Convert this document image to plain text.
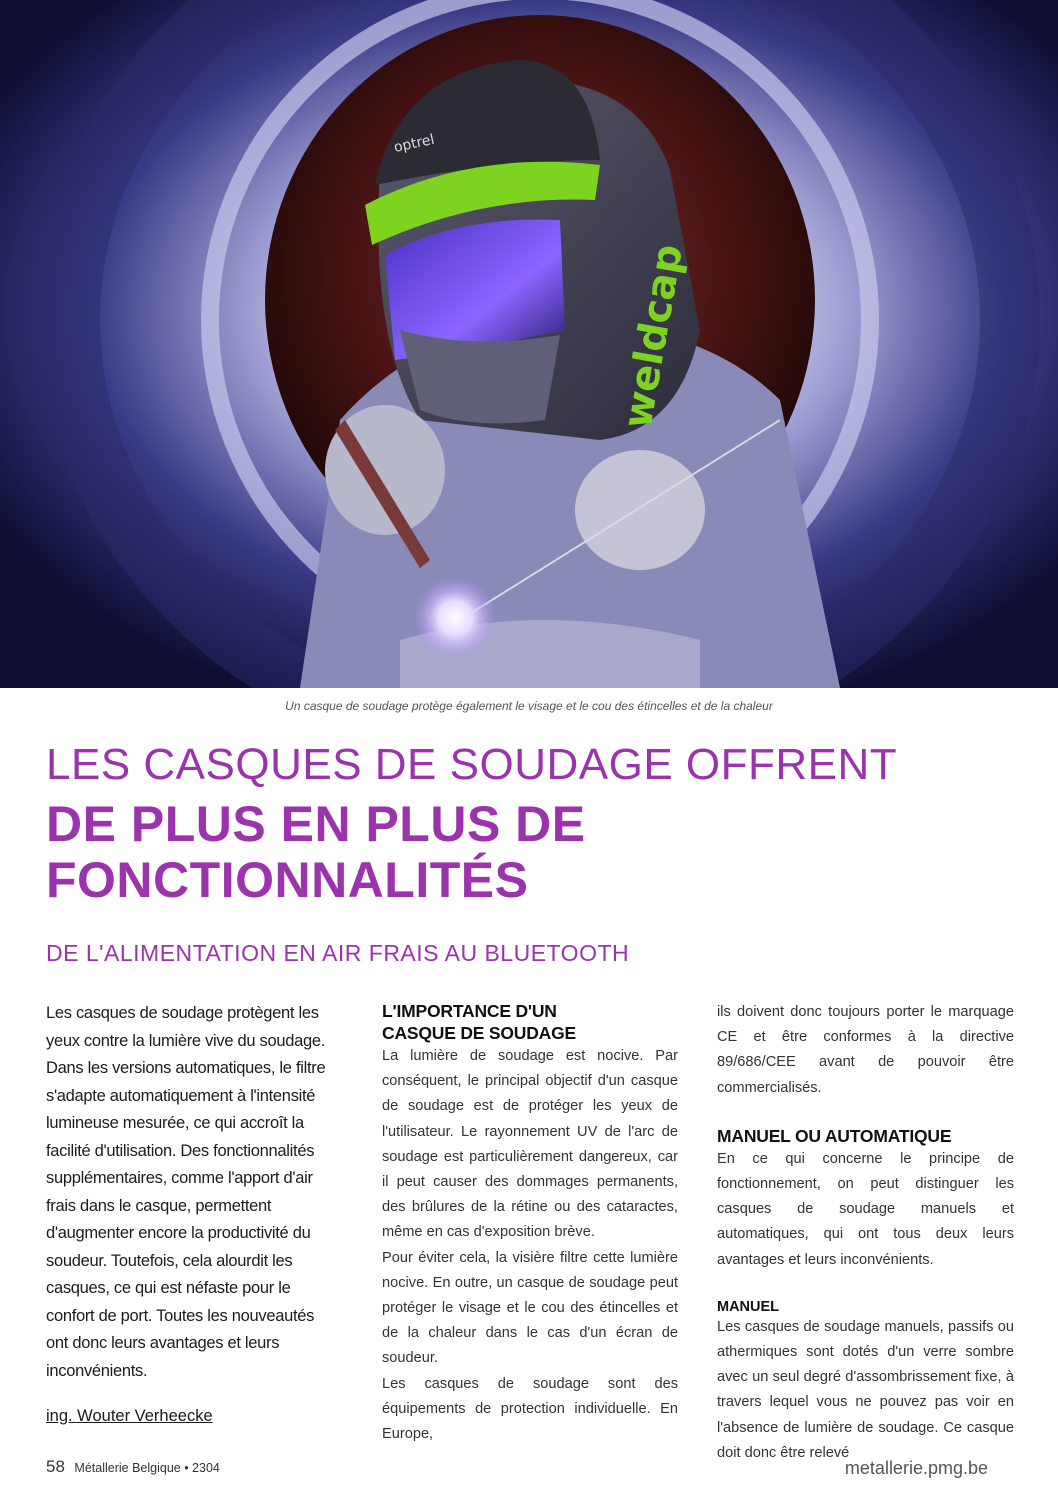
optrel
weldcap
Un casque de soudage protège également le visage et le cou des étincelles et de la chaleur
LES CASQUES DE SOUDAGE OFFRENT
DE PLUS EN PLUS DE
FONCTIONNALITÉS
DE L'ALIMENTATION EN AIR FRAIS AU BLUETOOTH

Les casques de soudage protègent les yeux contre la lumière vive du soudage. Dans les versions automatiques, le filtre s'adapte automatiquement à l'intensité lumineuse mesurée, ce qui accroît la facilité d'utilisation. Des fonctionnalités supplémentaires, comme l'apport d'air frais dans le casque, permettent d'augmenter encore la productivité du soudeur. Toutefois, cela alourdit les casques, ce qui est néfaste pour le confort de port. Toutes les nouveautés ont donc leurs avantages et leurs inconvénients.

ing. Wouter Verheecke

L'IMPORTANCE D'UN
CASQUE DE SOUDAGE

La lumière de soudage est nocive. Par conséquent, le principal objectif d'un casque de soudage est de protéger les yeux de l'utilisateur. Le rayonnement UV de l'arc de soudage est particulièrement dangereux, car il peut causer des dommages permanents, des brûlures de la rétine ou des cataractes, même en cas d'exposition brève.

Pour éviter cela, la visière filtre cette lumière nocive. En outre, un casque de soudage peut protéger le visage et le cou des étincelles et de la chaleur dans le cas d'un écran de soudeur.

Les casques de soudage sont des équipements de protection individuelle. En Europe,

ils doivent donc toujours porter le marquage CE et être conformes à la directive 89/686/CEE avant de pouvoir être commercialisés.

MANUEL OU AUTOMATIQUE

En ce qui concerne le principe de fonctionnement, on peut distinguer les casques de soudage manuels et automatiques, qui ont tous deux leurs avantages et leurs inconvénients.

MANUEL

Les casques de soudage manuels, passifs ou athermiques sont dotés d'un verre sombre avec un seul degré d'assombrissement fixe, à travers lequel vous ne pouvez pas voir en l'absence de lumière de soudage. Ce casque doit donc être relevé

58 Métallerie Belgique • 2304	metallerie.pmg.be
